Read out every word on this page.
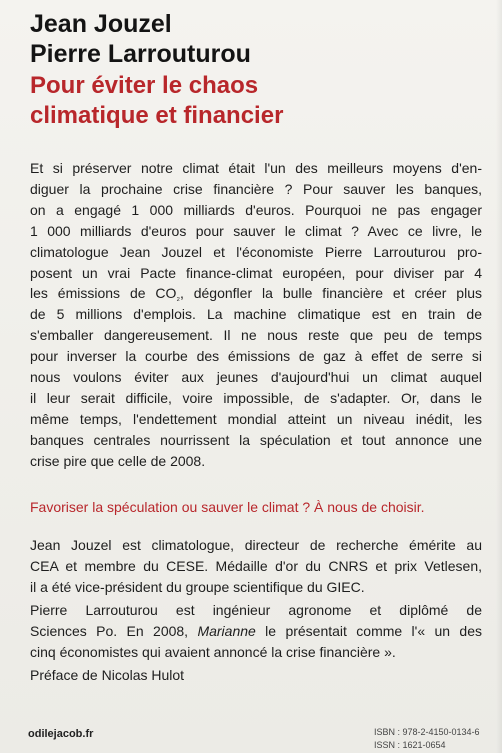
Jean Jouzel
Pierre Larrouturou
Pour éviter le chaos
climatique et financier
Et si préserver notre climat était l'un des meilleurs moyens d'en-
diguer la prochaine crise financière ? Pour sauver les banques,
on a engagé 1 000 milliards d'euros. Pourquoi ne pas engager
1 000 milliards d'euros pour sauver le climat ? Avec ce livre, le
climatologue Jean Jouzel et l'économiste Pierre Larrouturou pro-
posent un vrai Pacte finance-climat européen, pour diviser par 4
les émissions de $CO_{_2}$, dégonfler la bulle financière et créer plus
de 5 millions d'emplois. La machine climatique est en train de
s'emballer dangereusement. Il ne nous reste que peu de temps
pour inverser la courbe des émissions de gaz à effet de serre si
nous voulons éviter aux jeunes d'aujourd'hui un climat auquel
il leur serait difficile, voire impossible, de s'adapter. Or, dans le
même temps, l'endettement mondial atteint un niveau inédit, les
banques centrales nourrissent la spéculation et tout annonce une
crise pire que celle de 2008.
Favoriser la spéculation ou sauver le climat ? À nous de choisir.
Jean Jouzel est climatologue, directeur de recherche émérite au
CEA et membre du CESE. Médaille d'or du CNRS et prix Vetlesen,
il a été vice-président du groupe scientifique du GIEC.
Pierre Larrouturou est ingénieur agronome et diplômé de
Sciences Po. En 2008, Marianne le présentait comme l'« un des
cinq économistes qui avaient annoncé la crise financière ».
Préface de Nicolas Hulot
odilejacob.fr	ISBN : 978-2-4150-0134-6
ISSN : 1621-0654
